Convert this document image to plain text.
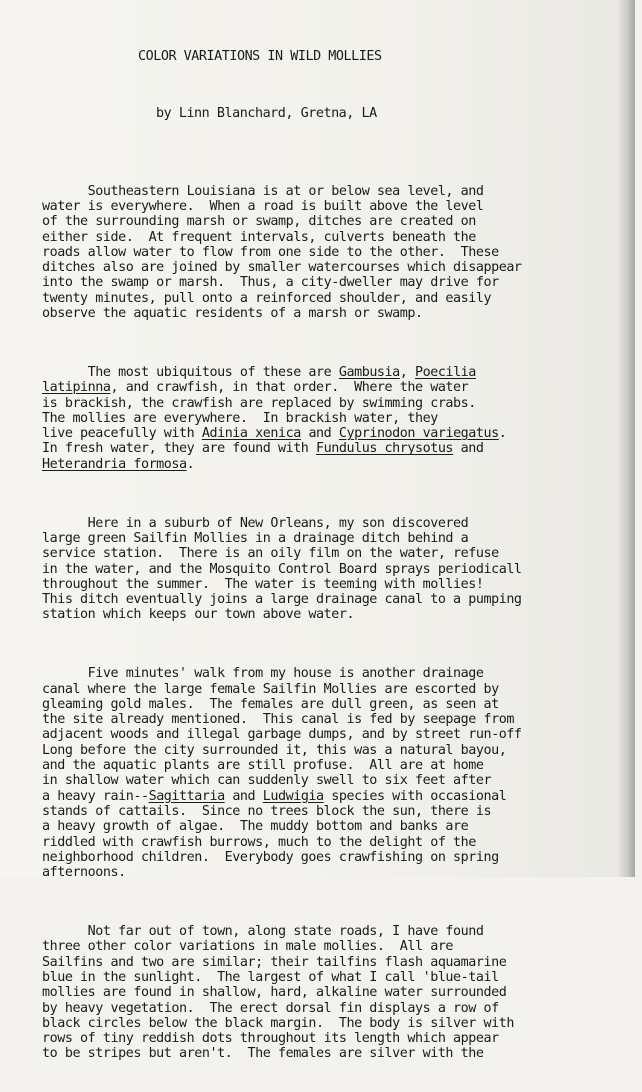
COLOR VARIATIONS IN WILD MOLLIES

by Linn Blanchard, Gretna, LA

Southeastern Louisiana is at or below sea level, and
water is everywhere.  When a road is built above the level
of the surrounding marsh or swamp, ditches are created on
either side.  At frequent intervals, culverts beneath the
roads allow water to flow from one side to the other.  These
ditches also are joined by smaller watercourses which disappear
into the swamp or marsh.  Thus, a city-dweller may drive for
twenty minutes, pull onto a reinforced shoulder, and easily
observe the aquatic residents of a marsh or swamp.

The most ubiquitous of these are Gambusia, Poecilia
latipinna, and crawfish, in that order.  Where the water
is brackish, the crawfish are replaced by swimming crabs.
The mollies are everywhere.  In brackish water, they
live peacefully with Adinia xenica and Cyprinodon variegatus.
In fresh water, they are found with Fundulus chrysotus and
Heterandria formosa.

Here in a suburb of New Orleans, my son discovered
large green Sailfin Mollies in a drainage ditch behind a
service station.  There is an oily film on the water, refuse
in the water, and the Mosquito Control Board sprays periodicall
throughout the summer.  The water is teeming with mollies!
This ditch eventually joins a large drainage canal to a pumping
station which keeps our town above water.

Five minutes' walk from my house is another drainage
canal where the large female Sailfin Mollies are escorted by
gleaming gold males.  The females are dull green, as seen at
the site already mentioned.  This canal is fed by seepage from
adjacent woods and illegal garbage dumps, and by street run-off
Long before the city surrounded it, this was a natural bayou,
and the aquatic plants are still profuse.  All are at home
in shallow water which can suddenly swell to six feet after
a heavy rain--Sagittaria and Ludwigia species with occasional
stands of cattails.  Since no trees block the sun, there is
a heavy growth of algae.  The muddy bottom and banks are
riddled with crawfish burrows, much to the delight of the
neighborhood children.  Everybody goes crawfishing on spring
afternoons.

Not far out of town, along state roads, I have found
three other color variations in male mollies.  All are
Sailfins and two are similar; their tailfins flash aquamarine
blue in the sunlight.  The largest of what I call 'blue-tail
mollies are found in shallow, hard, alkaline water surrounded
by heavy vegetation.  The erect dorsal fin displays a row of
black circles below the black margin.  The body is silver with
rows of tiny reddish dots throughout its length which appear
to be stripes but aren't.  The females are silver with the
